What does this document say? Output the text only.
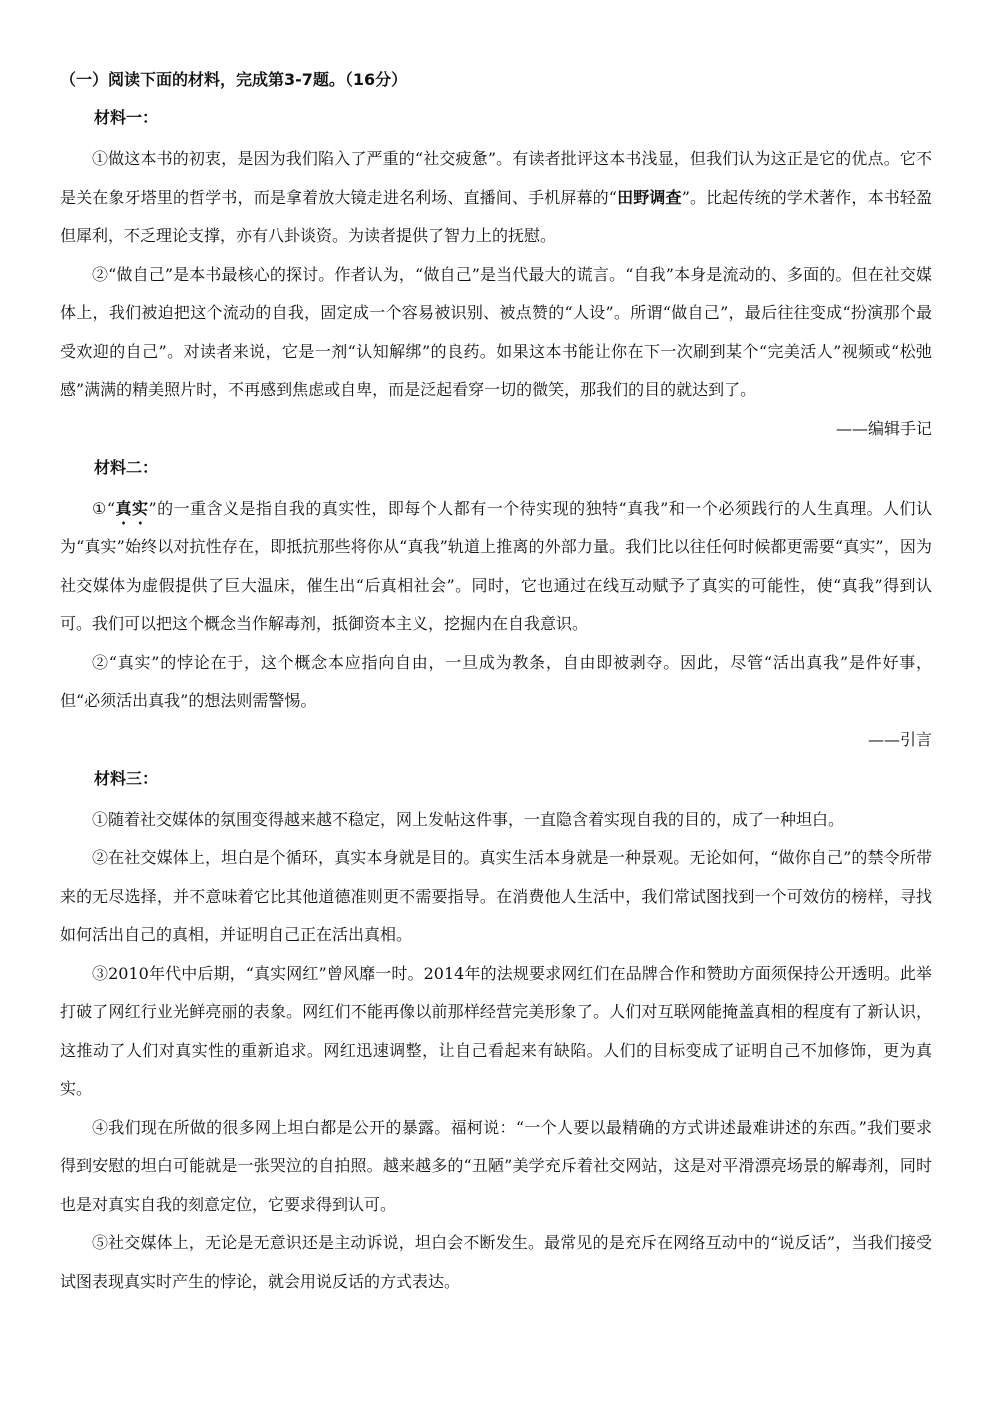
（一）阅读下面的材料，完成第3-7题。（16分）
材料一：

①做这本书的初衷，是因为我们陷入了严重的“社交疲惫”。有读者批评这本书浅显，但我们认为这正是它的优点。它不是关在象牙塔里的哲学书，而是拿着放大镜走进名利场、直播间、手机屏幕的“田野调查”。比起传统的学术著作，本书轻盈但犀利，不乏理论支撑，亦有八卦谈资。为读者提供了智力上的抚慰。

②“做自己”是本书最核心的探讨。作者认为，“做自己”是当代最大的谎言。“自我”本身是流动的、多面的。但在社交媒体上，我们被迫把这个流动的自我，固定成一个容易被识别、被点赞的“人设”。所谓“做自己”，最后往往变成“扮演那个最受欢迎的自己”。对读者来说，它是一剂“认知解绑”的良药。如果这本书能让你在下一次刷到某个“完美活人”视频或“松弛感”满满的精美照片时，不再感到焦虑或自卑，而是泛起看穿一切的微笑，那我们的目的就达到了。

——编辑手记
材料二：

①“真实”的一重含义是指自我的真实性，即每个人都有一个待实现的独特“真我”和一个必须践行的人生真理。人们认为“真实”始终以对抗性存在，即抵抗那些将你从“真我”轨道上推离的外部力量。我们比以往任何时候都更需要“真实”，因为社交媒体为虚假提供了巨大温床，催生出“后真相社会”。同时，它也通过在线互动赋予了真实的可能性，使“真我”得到认可。我们可以把这个概念当作解毒剂，抵御资本主义，挖掘内在自我意识。

②“真实”的悖论在于，这个概念本应指向自由，一旦成为教条，自由即被剥夺。因此，尽管“活出真我”是件好事，但“必须活出真我”的想法则需警惕。

——引言
材料三：

①随着社交媒体的氛围变得越来越不稳定，网上发帖这件事，一直隐含着实现自我的目的，成了一种坦白。

②在社交媒体上，坦白是个循环，真实本身就是目的。真实生活本身就是一种景观。无论如何，“做你自己”的禁令所带来的无尽选择，并不意味着它比其他道德准则更不需要指导。在消费他人生活中，我们常试图找到一个可效仿的榜样，寻找如何活出自己的真相，并证明自己正在活出真相。

③2010年代中后期，“真实网红”曾风靡一时。2014年的法规要求网红们在品牌合作和赞助方面须保持公开透明。此举打破了网红行业光鲜亮丽的表象。网红们不能再像以前那样经营完美形象了。人们对互联网能掩盖真相的程度有了新认识，这推动了人们对真实性的重新追求。网红迅速调整，让自己看起来有缺陷。人们的目标变成了证明自己不加修饰，更为真实。

④我们现在所做的很多网上坦白都是公开的暴露。福柯说：“一个人要以最精确的方式讲述最难讲述的东西。”我们要求得到安慰的坦白可能就是一张哭泣的自拍照。越来越多的“丑陋”美学充斥着社交网站，这是对平滑漂亮场景的解毒剂，同时也是对真实自我的刻意定位，它要求得到认可。

⑤社交媒体上，无论是无意识还是主动诉说，坦白会不断发生。最常见的是充斥在网络互动中的“说反话”，当我们接受试图表现真实时产生的悖论，就会用说反话的方式表达。
